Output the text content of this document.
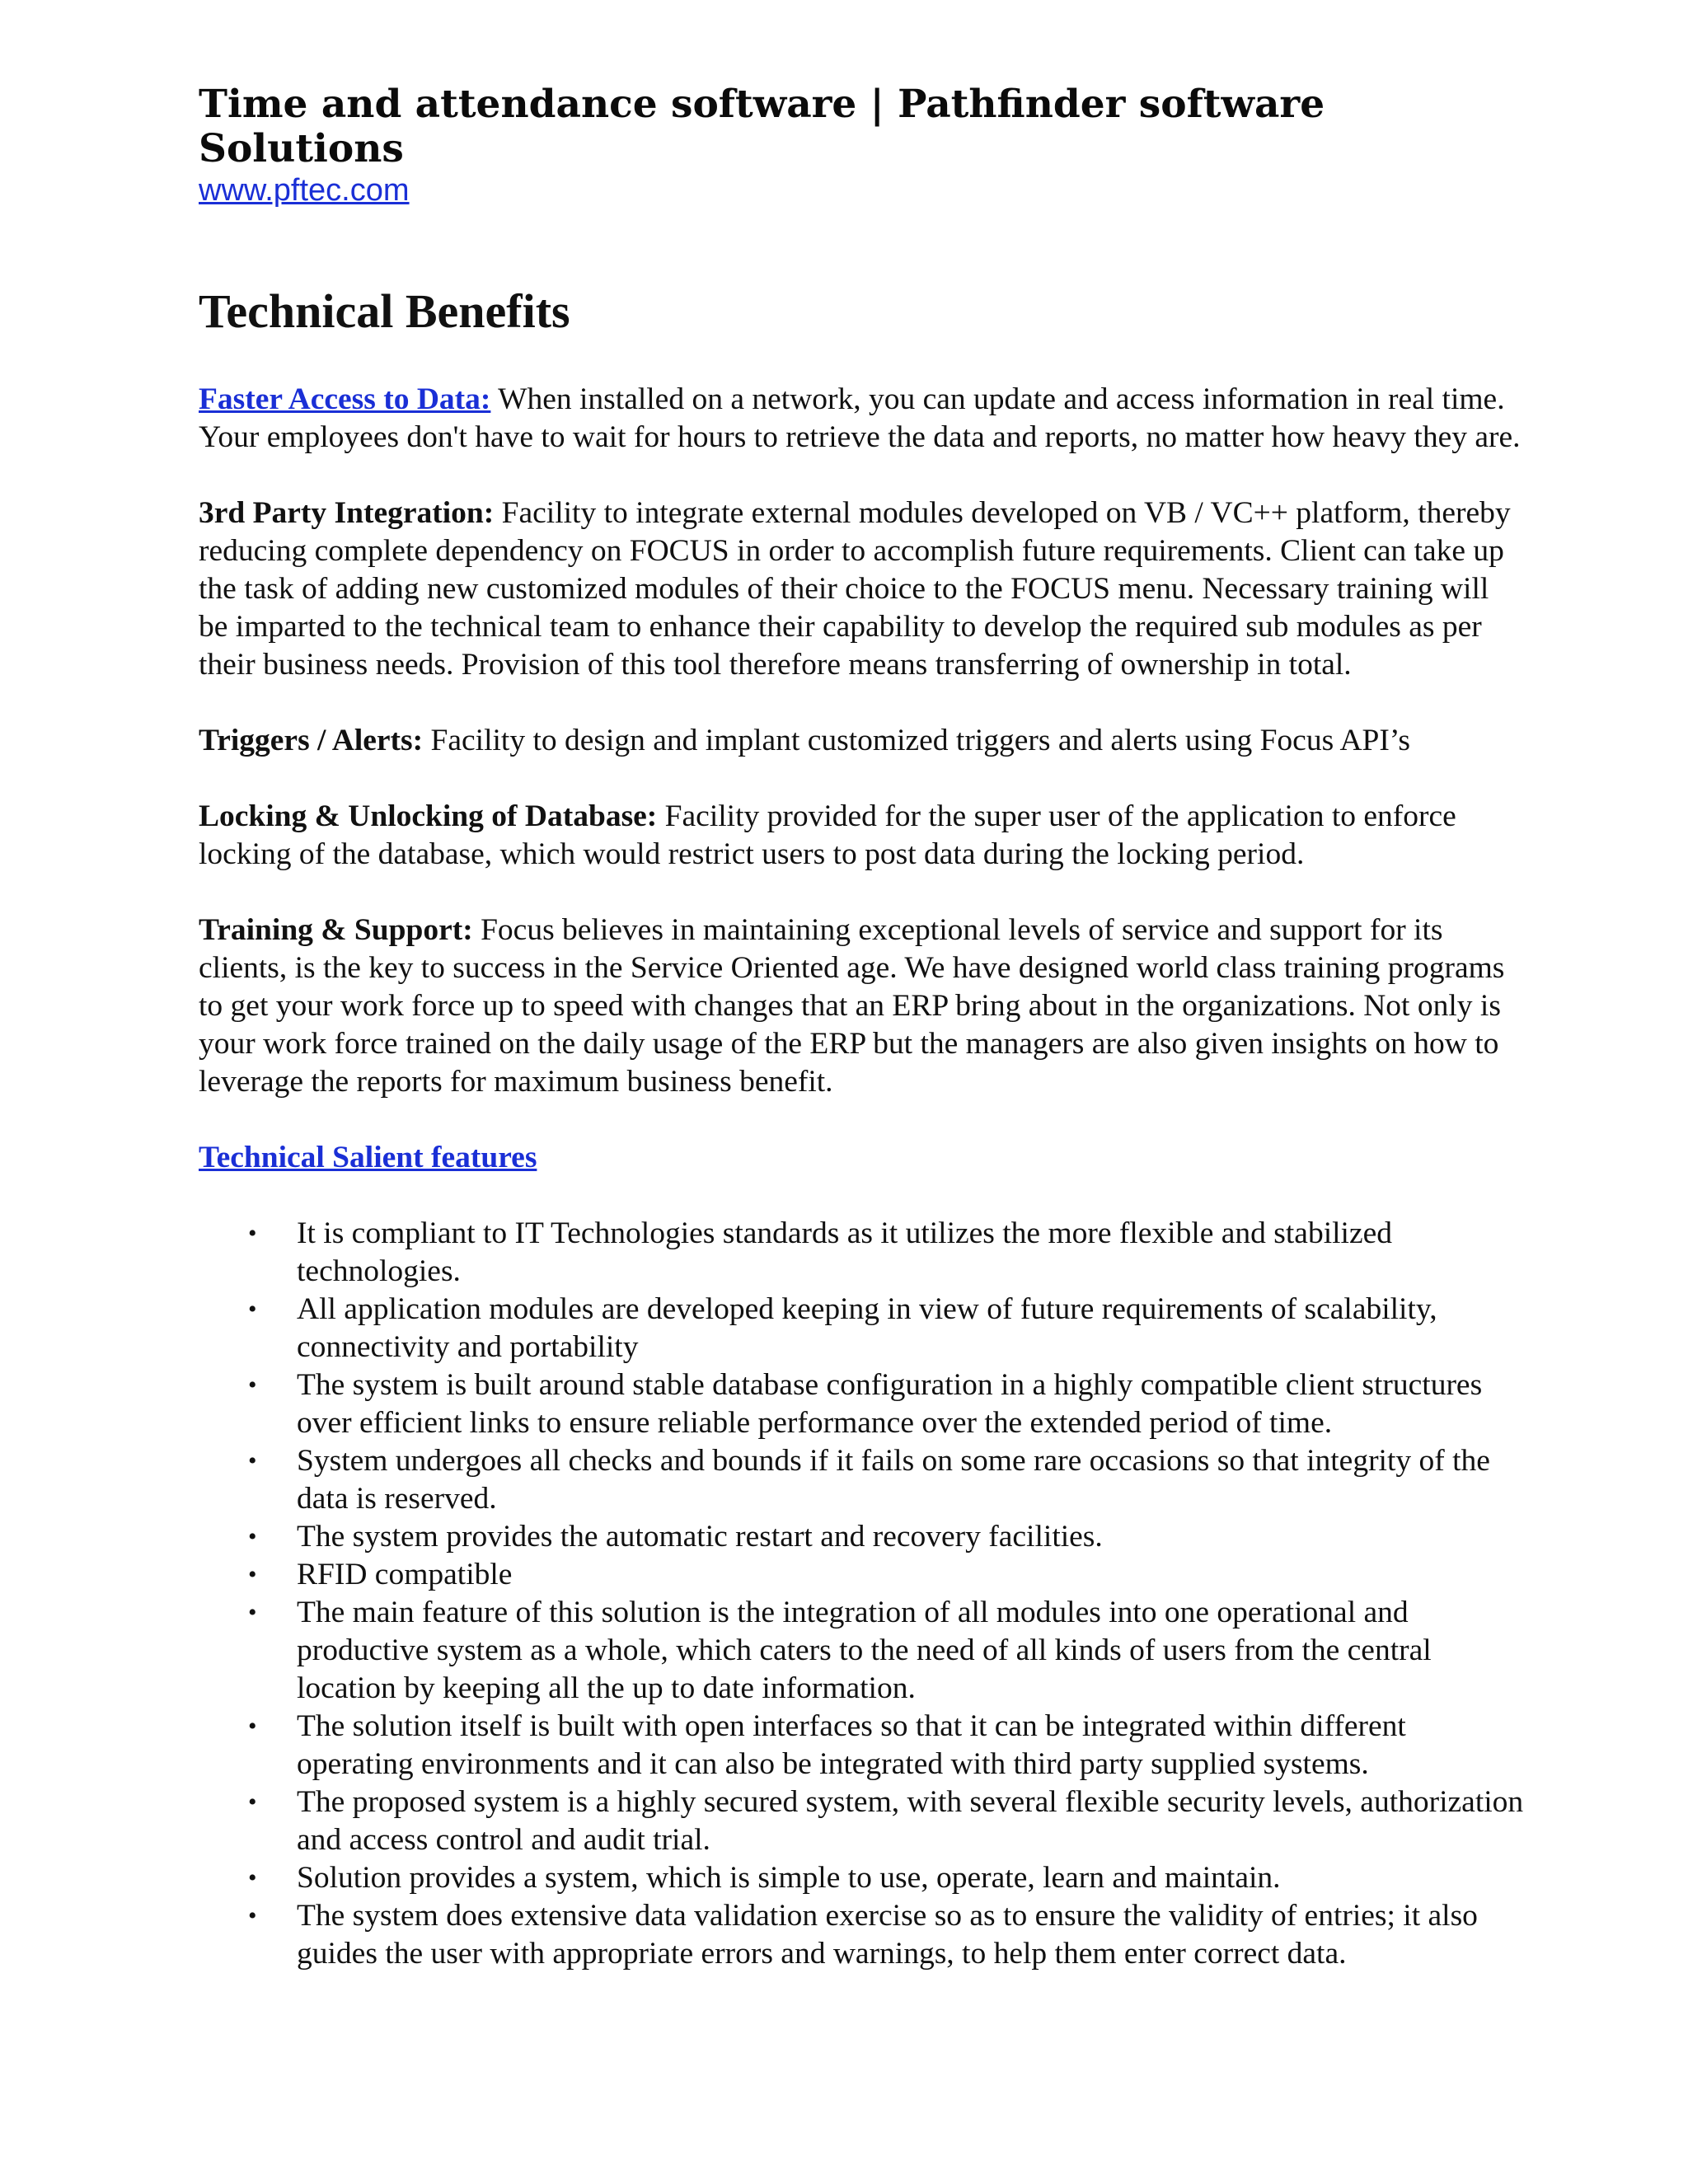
Time and attendance software | Pathfinder software Solutions
www.pftec.com
Technical Benefits

Faster Access to Data: When installed on a network, you can update and access information in real time. Your employees don't have to wait for hours to retrieve the data and reports, no matter how heavy they are.

3rd Party Integration: Facility to integrate external modules developed on VB / VC++ platform, thereby reducing complete dependency on FOCUS in order to accomplish future requirements. Client can take up the task of adding new customized modules of their choice to the FOCUS menu. Necessary training will be imparted to the technical team to enhance their capability to develop the required sub modules as per their business needs. Provision of this tool therefore means transferring of ownership in total.

Triggers / Alerts: Facility to design and implant customized triggers and alerts using Focus API’s

Locking & Unlocking of Database: Facility provided for the super user of the application to enforce locking of the database, which would restrict users to post data during the locking period.

Training & Support: Focus believes in maintaining exceptional levels of service and support for its clients, is the key to success in the Service Oriented age. We have designed world class training programs to get your work force up to speed with changes that an ERP bring about in the organizations. Not only is your work force trained on the daily usage of the ERP but the managers are also given insights on how to leverage the reports for maximum business benefit.

Technical Salient features
• It is compliant to IT Technologies standards as it utilizes the more flexible and stabilized technologies.
• All application modules are developed keeping in view of future requirements of scalability, connectivity and portability
• The system is built around stable database configuration in a highly compatible client structures over efficient links to ensure reliable performance over the extended period of time.
• System undergoes all checks and bounds if it fails on some rare occasions so that integrity of the data is reserved.
• The system provides the automatic restart and recovery facilities.
• RFID compatible
• The main feature of this solution is the integration of all modules into one operational and productive system as a whole, which caters to the need of all kinds of users from the central location by keeping all the up to date information.
• The solution itself is built with open interfaces so that it can be integrated within different operating environments and it can also be integrated with third party supplied systems.
• The proposed system is a highly secured system, with several flexible security levels, authorization and access control and audit trial.
• Solution provides a system, which is simple to use, operate, learn and maintain.
• The system does extensive data validation exercise so as to ensure the validity of entries; it also guides the user with appropriate errors and warnings, to help them enter correct data.
